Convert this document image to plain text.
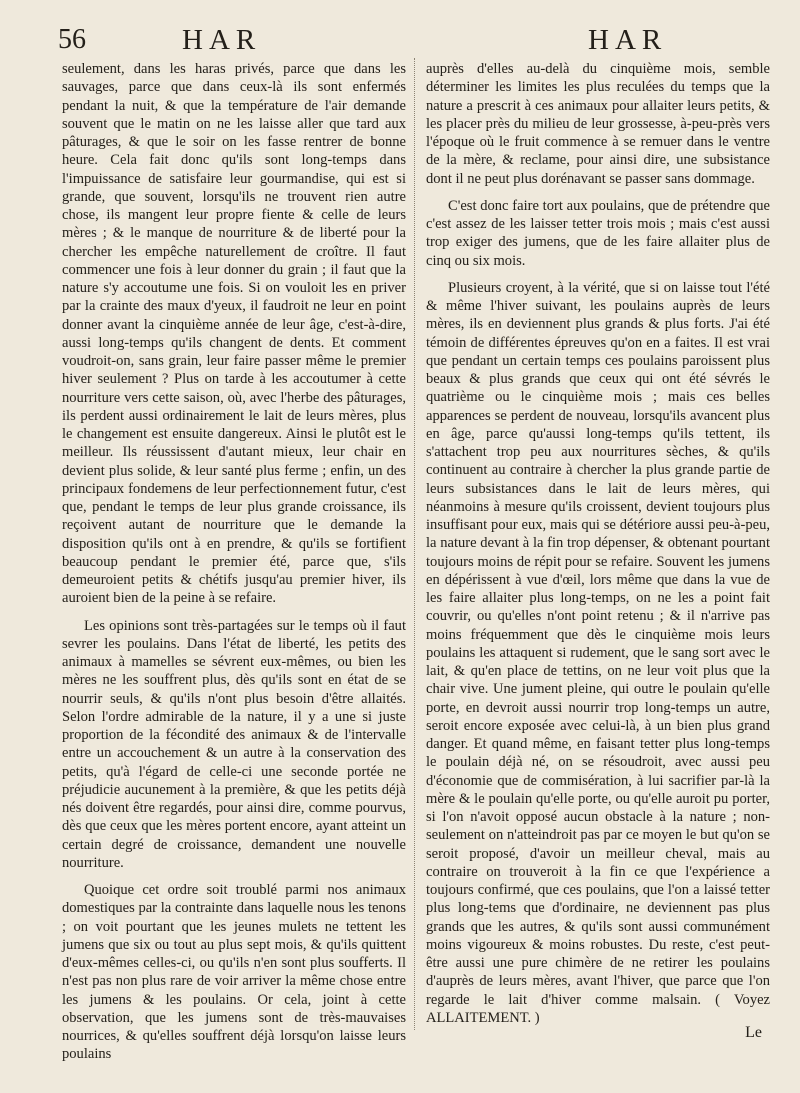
56	HAR	HAR

seulement, dans les haras privés, parce que dans les sauvages, parce que dans ceux-là ils sont enfermés pendant la nuit, & que la température de l'air demande souvent que le matin on ne les laisse aller que tard aux pâturages, & que le soir on les fasse rentrer de bonne heure. Cela fait donc qu'ils sont long-temps dans l'impuissance de satisfaire leur gourmandise, qui est si grande, que souvent, lorsqu'ils ne trouvent rien autre chose, ils mangent leur propre fiente & celle de leurs mères ; & le manque de nourriture & de liberté pour la chercher les empêche naturellement de croître. Il faut commencer une fois à leur donner du grain ; il faut que la nature s'y accoutume une fois. Si on vouloit les en priver par la crainte des maux d'yeux, il faudroit ne leur en point donner avant la cinquième année de leur âge, c'est-à-dire, aussi long-temps qu'ils changent de dents. Et comment voudroit-on, sans grain, leur faire passer même le premier hiver seulement ? Plus on tarde à les accoutumer à cette nourriture vers cette saison, où, avec l'herbe des pâturages, ils perdent aussi ordinairement le lait de leurs mères, plus le changement est ensuite dangereux. Ainsi le plutôt est le meilleur. Ils réussissent d'autant mieux, leur chair en devient plus solide, & leur santé plus ferme ; enfin, un des principaux fondemens de leur perfectionnement futur, c'est que, pendant le temps de leur plus grande croissance, ils reçoivent autant de nourriture que le demande la disposition qu'ils ont à en prendre, & qu'ils se fortifient beaucoup pendant le premier été, parce que, s'ils demeuroient petits & chétifs jusqu'au premier hiver, ils auroient bien de la peine à se refaire.

Les opinions sont très-partagées sur le temps où il faut sevrer les poulains. Dans l'état de liberté, les petits des animaux à mamelles se sévrent eux-mêmes, ou bien les mères ne les souffrent plus, dès qu'ils sont en état de se nourrir seuls, & qu'ils n'ont plus besoin d'être allaités. Selon l'ordre admirable de la nature, il y a une si juste proportion de la fécondité des animaux & de l'intervalle entre un accouchement & un autre à la conservation des petits, qu'à l'égard de celle-ci une seconde portée ne préjudicie aucunement à la première, & que les petits déjà nés doivent être regardés, pour ainsi dire, comme pourvus, dès que ceux que les mères portent encore, ayant atteint un certain degré de croissance, demandent une nouvelle nourriture.

Quoique cet ordre soit troublé parmi nos animaux domestiques par la contrainte dans laquelle nous les tenons ; on voit pourtant que les jeunes mulets ne tettent les jumens que six ou tout au plus sept mois, & qu'ils quittent d'eux-mêmes celles-ci, ou qu'ils n'en sont plus soufferts. Il n'est pas non plus rare de voir arriver la même chose entre les jumens & les poulains. Or cela, joint à cette observation, que les jumens sont de très-mauvaises nourrices, & qu'elles souffrent déjà lorsqu'on laisse leurs poulains

auprès d'elles au-delà du cinquième mois, semble déterminer les limites les plus reculées du temps que la nature a prescrit à ces animaux pour allaiter leurs petits, & les placer près du milieu de leur grossesse, à-peu-près vers l'époque où le fruit commence à se remuer dans le ventre de la mère, & reclame, pour ainsi dire, une subsistance dont il ne peut plus dorénavant se passer sans dommage.

C'est donc faire tort aux poulains, que de prétendre que c'est assez de les laisser tetter trois mois ; mais c'est aussi trop exiger des jumens, que de les faire allaiter plus de cinq ou six mois.

Plusieurs croyent, à la vérité, que si on laisse tout l'été & même l'hiver suivant, les poulains auprès de leurs mères, ils en deviennent plus grands & plus forts. J'ai été témoin de différentes épreuves qu'on en a faites. Il est vrai que pendant un certain temps ces poulains paroissent plus beaux & plus grands que ceux qui ont été sévrés le quatrième ou le cinquième mois ; mais ces belles apparences se perdent de nouveau, lorsqu'ils avancent plus en âge, parce qu'aussi long-temps qu'ils tettent, ils s'attachent trop peu aux nourritures sèches, & qu'ils continuent au contraire à chercher la plus grande partie de leurs subsistances dans le lait de leurs mères, qui néanmoins à mesure qu'ils croissent, devient toujours plus insuffisant pour eux, mais qui se détériore aussi peu-à-peu, la nature devant à la fin trop dépenser, & obtenant pourtant toujours moins de répit pour se refaire. Souvent les jumens en dépérissent à vue d'œil, lors même que dans la vue de les faire allaiter plus long-temps, on ne les a point fait couvrir, ou qu'elles n'ont point retenu ; & il n'arrive pas moins fréquemment que dès le cinquième mois leurs poulains les attaquent si rudement, que le sang sort avec le lait, & qu'en place de tettins, on ne leur voit plus que la chair vive. Une jument pleine, qui outre le poulain qu'elle porte, en devroit aussi nourrir trop long-temps un autre, seroit encore exposée avec celui-là, à un bien plus grand danger. Et quand même, en faisant tetter plus long-temps le poulain déjà né, on se résoudroit, avec aussi peu d'économie que de commisération, à lui sacrifier par-là la mère & le poulain qu'elle porte, ou qu'elle auroit pu porter, si l'on n'avoit opposé aucun obstacle à la nature ; non-seulement on n'atteindroit pas par ce moyen le but qu'on se seroit proposé, d'avoir un meilleur cheval, mais au contraire on trouveroit à la fin ce que l'expérience a toujours confirmé, que ces poulains, que l'on a laissé tetter plus long-tems que d'ordinaire, ne deviennent pas plus grands que les autres, & qu'ils sont aussi communément moins vigoureux & moins robustes. Du reste, c'est peut-être aussi une pure chimère de ne retirer les poulains d'auprès de leurs mères, avant l'hiver, que parce que l'on regarde le lait d'hiver comme malsain. ( Voyez ALLAITEMENT. )

Le
